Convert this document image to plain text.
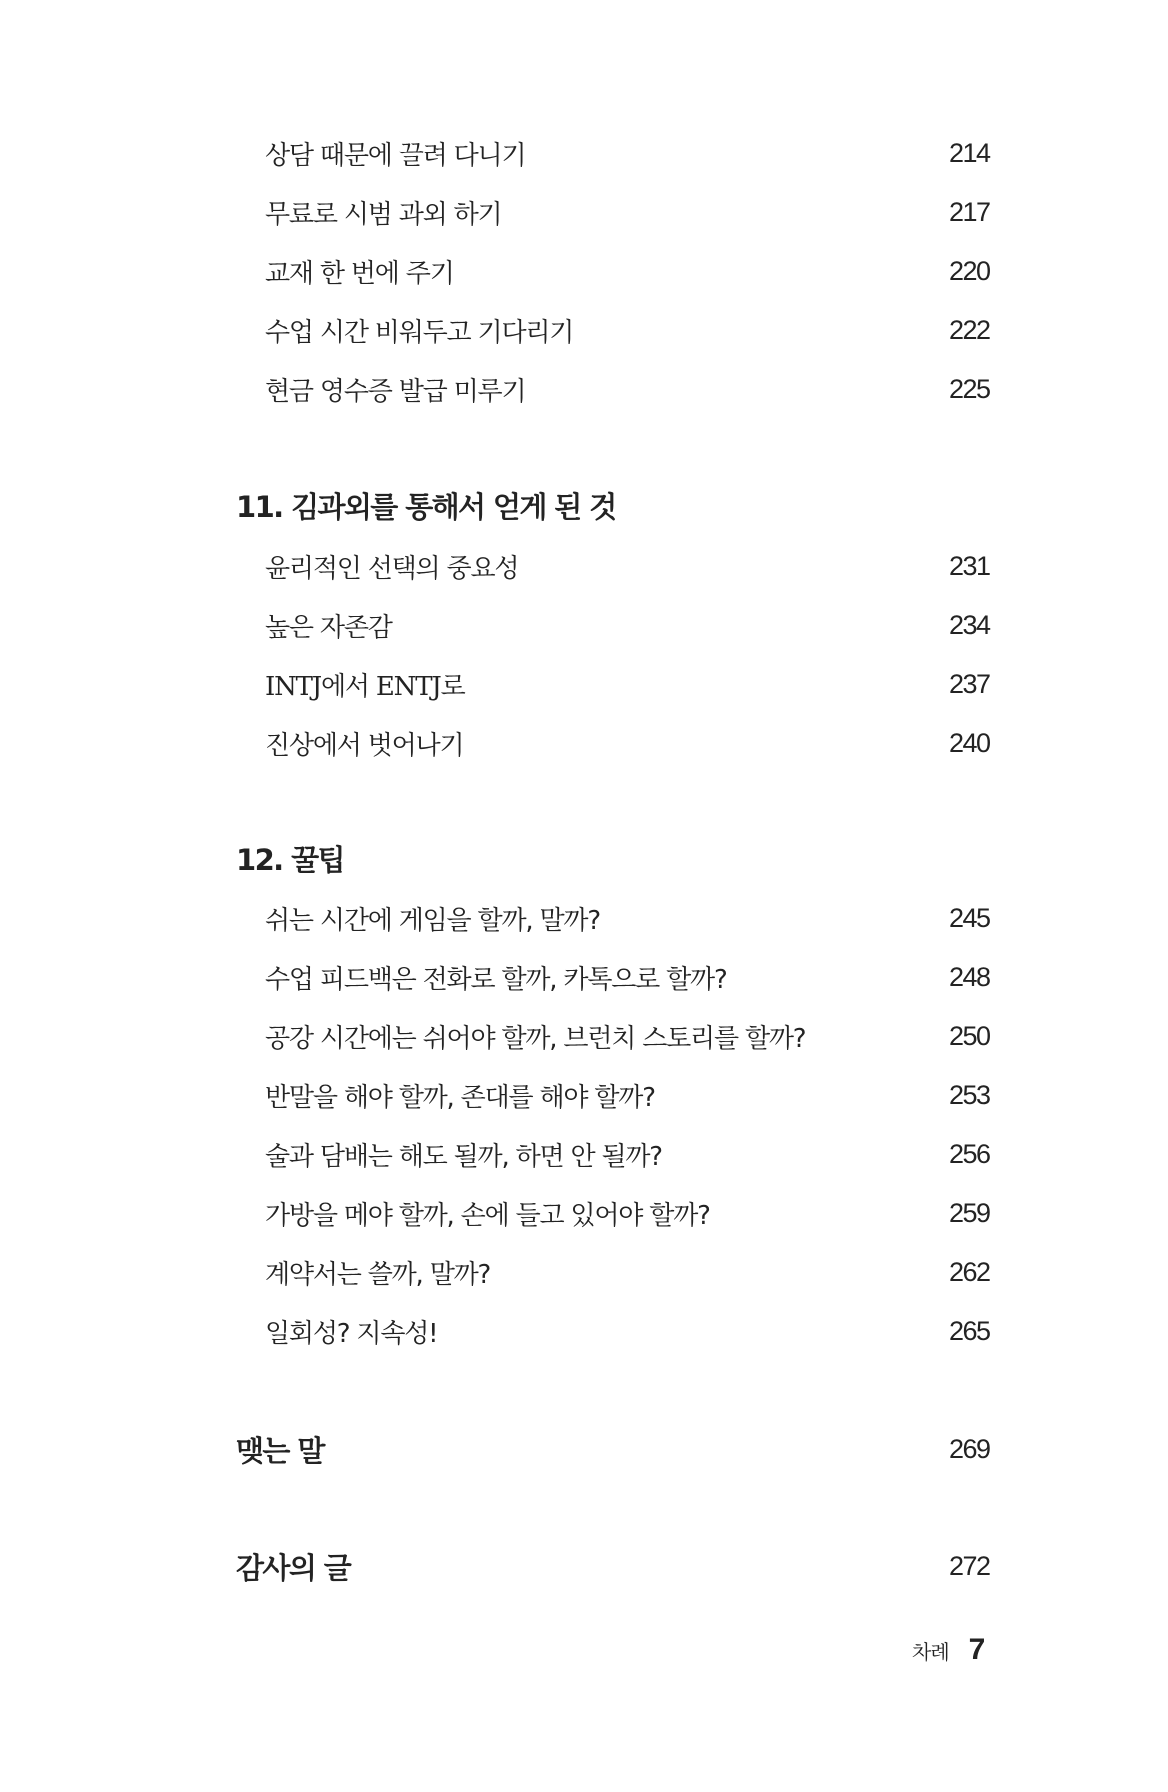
상담 때문에 끌려 다니기	214
무료로 시범 과외 하기	217
교재 한 번에 주기	220
수업 시간 비워두고 기다리기	222
현금 영수증 발급 미루기	225
11. 김과외를 통해서 얻게 된 것
윤리적인 선택의 중요성	231
높은 자존감	234
INTJ에서 ENTJ로	237
진상에서 벗어나기	240
12. 꿀팁
쉬는 시간에 게임을 할까, 말까?	245
수업 피드백은 전화로 할까, 카톡으로 할까?	248
공강 시간에는 쉬어야 할까, 브런치 스토리를 할까?	250
반말을 해야 할까, 존대를 해야 할까?	253
술과 담배는 해도 될까, 하면 안 될까?	256
가방을 메야 할까, 손에 들고 있어야 할까?	259
계약서는 쓸까, 말까?	262
일회성? 지속성!	265
맺는 말	269
감사의 글	272
차례 7
